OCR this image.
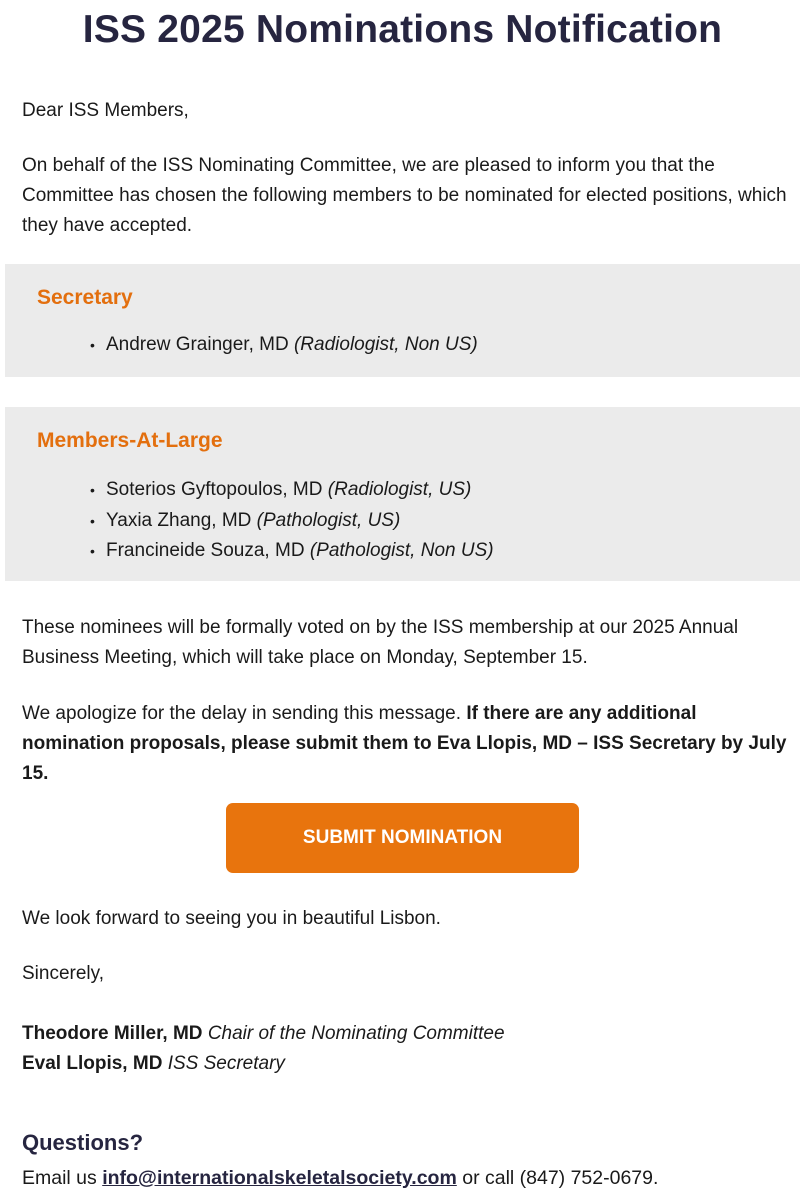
ISS 2025 Nominations Notification

Dear ISS Members,

On behalf of the ISS Nominating Committee, we are pleased to inform you that the Committee has chosen the following members to be nominated for elected positions, which they have accepted.

Secretary
• Andrew Grainger, MD (Radiologist, Non US)
Members-At-Large
• Soterios Gyftopoulos, MD (Radiologist, US)
• Yaxia Zhang, MD (Pathologist, US)
• Francineide Souza, MD (Pathologist, Non US)

These nominees will be formally voted on by the ISS membership at our 2025 Annual Business Meeting, which will take place on Monday, September 15.

We apologize for the delay in sending this message. If there are any additional nomination proposals, please submit them to Eva Llopis, MD – ISS Secretary by July 15.

SUBMIT NOMINATION

We look forward to seeing you in beautiful Lisbon.

Sincerely,

Theodore Miller, MD Chair of the Nominating Committee
Eval Llopis, MD ISS Secretary
Questions?
Email us info@internationalskeletalsociety.com or call (847) 752-0679.
